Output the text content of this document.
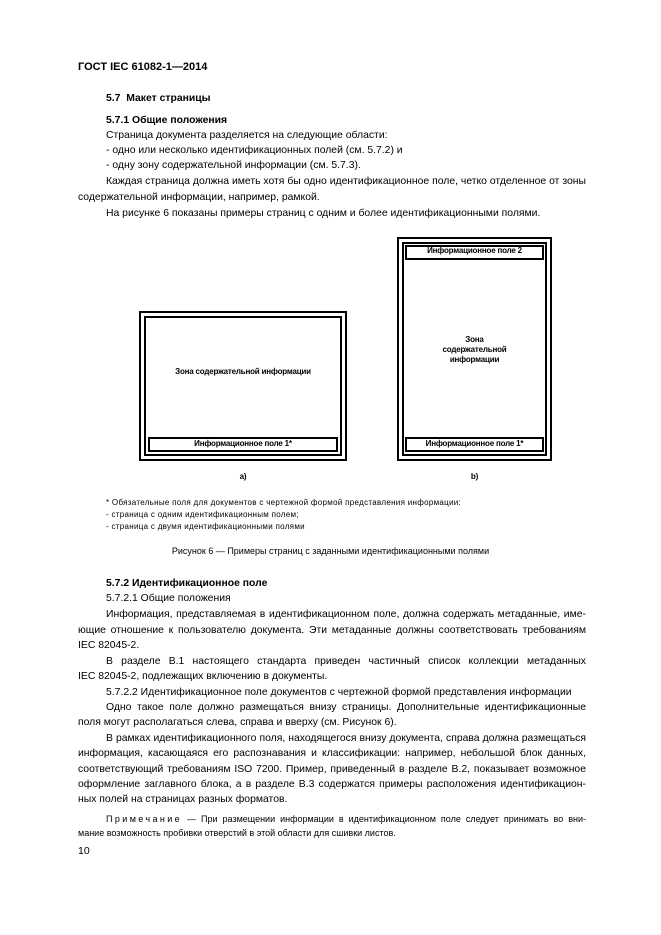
ГОСТ IEC 61082-1—2014
5.7 Макет страницы
5.7.1 Общие положения
Страница документа разделяется на следующие области:
- одно или несколько идентификационных полей (см. 5.7.2) и
- одну зону содержательной информации (см. 5.7.3).
Каждая страница должна иметь хотя бы одно идентификационное поле, четко отделенное от зоны
содержательной информации, например, рамкой.
На рисунке 6 показаны примеры страниц с одним и более идентификационными полями.
Зона содержательной информации
Информационное поле 1*
а)
Информационное поле 2
Зона
содержательной
информации
Информационное поле 1*
b)
* Обязательные поля для документов с чертежной формой представления информации:
- страница с одним идентификационным полем;
- страница с двумя идентификационными полями
Рисунок 6 — Примеры страниц с заданными идентификационными полями
5.7.2 Идентификационное поле
5.7.2.1 Общие положения
Информация, представляемая в идентификационном поле, должна содержать метаданные, име-
ющие отношение к пользователю документа. Эти метаданные должны соответствовать требованиям
IEC 82045-2.
В разделе В.1 настоящего стандарта приведен частичный список коллекции метаданных
IEC 82045-2, подлежащих включению в документы.
5.7.2.2 Идентификационное поле документов с чертежной формой представления информации
Одно такое поле должно размещаться внизу страницы. Дополнительные идентификационные
поля могут располагаться слева, справа и вверху (см. Рисунок 6).
В рамках идентификационного поля, находящегося внизу документа, справа должна размещаться
информация, касающаяся его распознавания и классификации: например, небольшой блок данных,
соответствующий требованиям ISO 7200. Пример, приведенный в разделе В.2, показывает возможное
оформление заглавного блока, а в разделе В.3 содержатся примеры расположения идентификацион-
ных полей на страницах разных форматов.
Примечание — При размещении информации в идентификационном поле следует принимать во вни-
мание возможность пробивки отверстий в этой области для сшивки листов.
10
